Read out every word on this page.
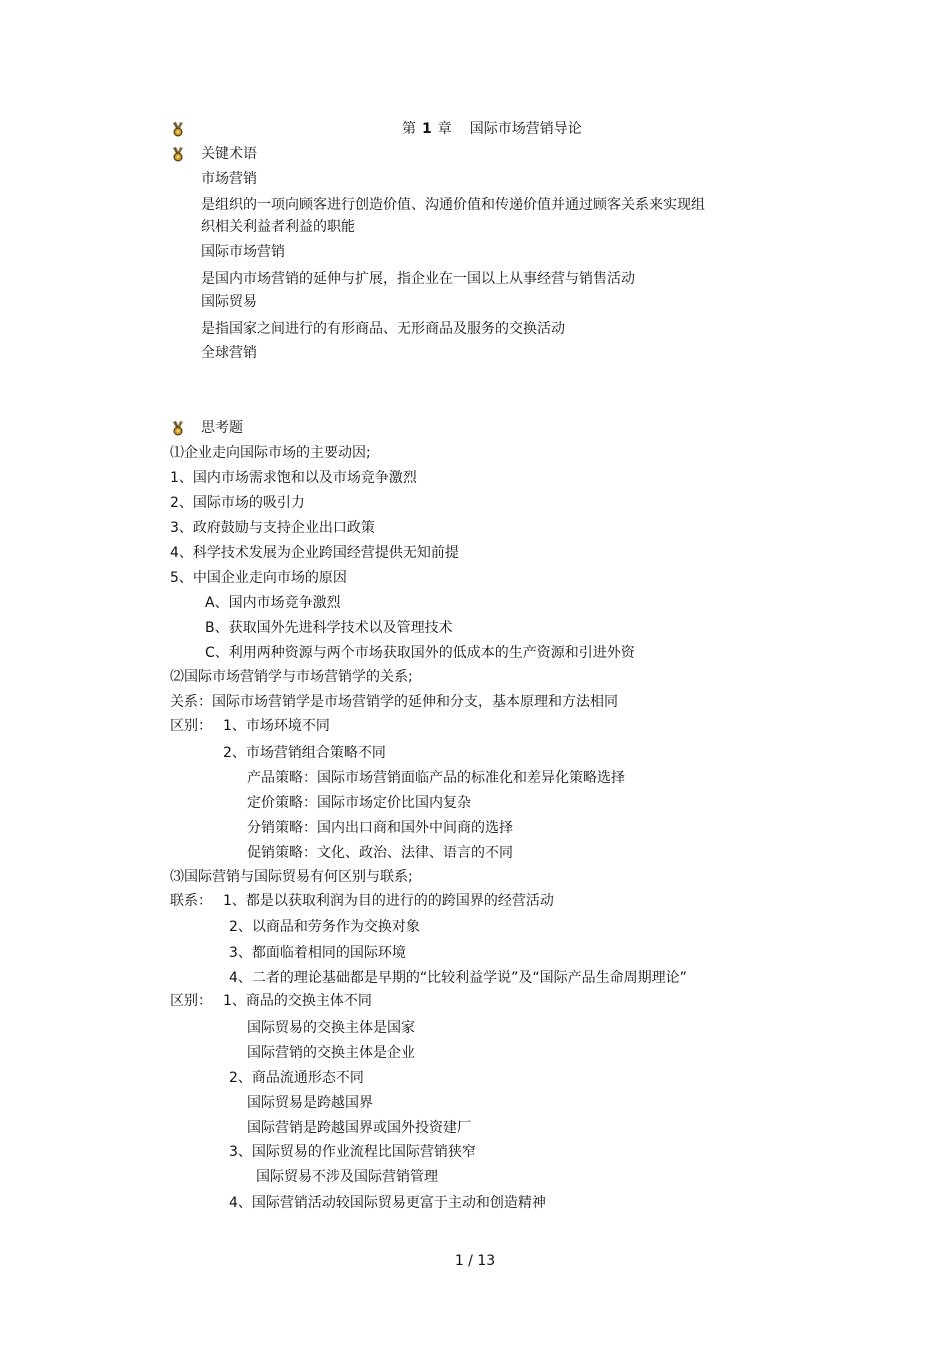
第 1 章 国际市场营销导论
关键术语
市场营销
是组织的一项向顾客进行创造价值、沟通价值和传递价值并通过顾客关系来实现组
织相关利益者利益的职能
国际市场营销
是国内市场营销的延伸与扩展，指企业在一国以上从事经营与销售活动
国际贸易
是指国家之间进行的有形商品、无形商品及服务的交换活动
全球营销
思考题
⑴企业走向国际市场的主要动因;
1、国内市场需求饱和以及市场竞争激烈
2、国际市场的吸引力
3、政府鼓励与支持企业出口政策
4、科学技术发展为企业跨国经营提供无知前提
5、中国企业走向市场的原因
A、国内市场竞争激烈
B、获取国外先进科学技术以及管理技术
C、利用两种资源与两个市场获取国外的低成本的生产资源和引进外资
⑵国际市场营销学与市场营销学的关系;
关系：国际市场营销学是市场营销学的延伸和分支，基本原理和方法相同
区别： 1、市场环境不同
2、市场营销组合策略不同
产品策略：国际市场营销面临产品的标准化和差异化策略选择
定价策略：国际市场定价比国内复杂
分销策略：国内出口商和国外中间商的选择
促销策略：文化、政治、法律、语言的不同
⑶国际营销与国际贸易有何区别与联系;
联系： 1、都是以获取利润为目的进行的的跨国界的经营活动
2、以商品和劳务作为交换对象
3、都面临着相同的国际环境
4、二者的理论基础都是早期的“比较利益学说”及“国际产品生命周期理论”
区别： 1、商品的交换主体不同
国际贸易的交换主体是国家
国际营销的交换主体是企业
2、商品流通形态不同
国际贸易是跨越国界
国际营销是跨越国界或国外投资建厂
3、国际贸易的作业流程比国际营销狭窄
国际贸易不涉及国际营销管理
4、国际营销活动较国际贸易更富于主动和创造精神
1 / 13
